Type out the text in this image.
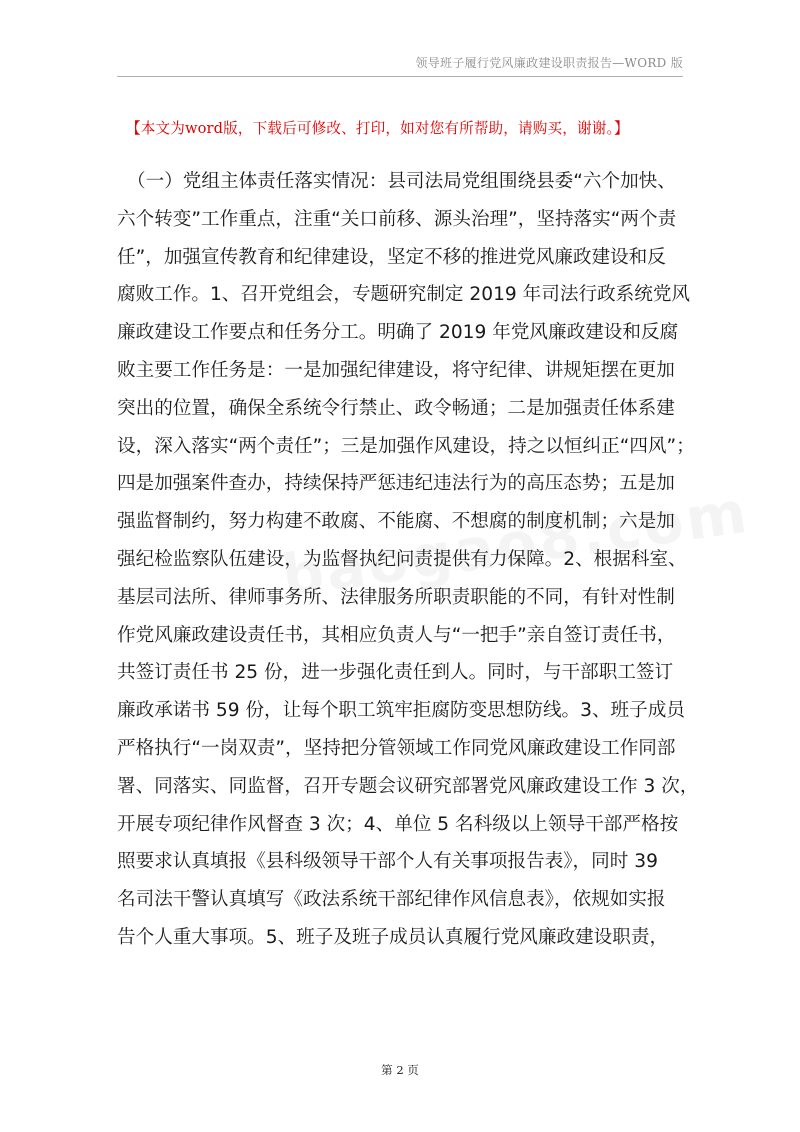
领导班子履行党风廉政建设职责报告—WORD 版
【本文为word版，下载后可修改、打印，如对您有所帮助，请购买，谢谢。】
（一）党组主体责任落实情况：县司法局党组围绕县委“六个加快、
六个转变”工作重点，注重“关口前移、源头治理”，坚持落实“两个责
任”，加强宣传教育和纪律建设，坚定不移的推进党风廉政建设和反
腐败工作。1、召开党组会，专题研究制定 2019 年司法行政系统党风
廉政建设工作要点和任务分工。明确了 2019 年党风廉政建设和反腐
败主要工作任务是：一是加强纪律建设，将守纪律、讲规矩摆在更加
突出的位置，确保全系统令行禁止、政令畅通；二是加强责任体系建
设，深入落实“两个责任”；三是加强作风建设，持之以恒纠正“四风”；
四是加强案件查办，持续保持严惩违纪违法行为的高压态势；五是加
强监督制约，努力构建不敢腐、不能腐、不想腐的制度机制；六是加
强纪检监察队伍建设，为监督执纪问责提供有力保障。2、根据科室、
基层司法所、律师事务所、法律服务所职责职能的不同，有针对性制
作党风廉政建设责任书，其相应负责人与“一把手”亲自签订责任书，
共签订责任书 25 份，进一步强化责任到人。同时，与干部职工签订
廉政承诺书 59 份，让每个职工筑牢拒腐防变思想防线。3、班子成员
严格执行“一岗双责”，坚持把分管领域工作同党风廉政建设工作同部
署、同落实、同监督，召开专题会议研究部署党风廉政建设工作 3 次，
开展专项纪律作风督查 3 次；4、单位 5 名科级以上领导干部严格按
照要求认真填报《县科级领导干部个人有关事项报告表》，同时 39
名司法干警认真填写《政法系统干部纪律作风信息表》，依规如实报
告个人重大事项。5、班子及班子成员认真履行党风廉政建设职责，
第 2 页
